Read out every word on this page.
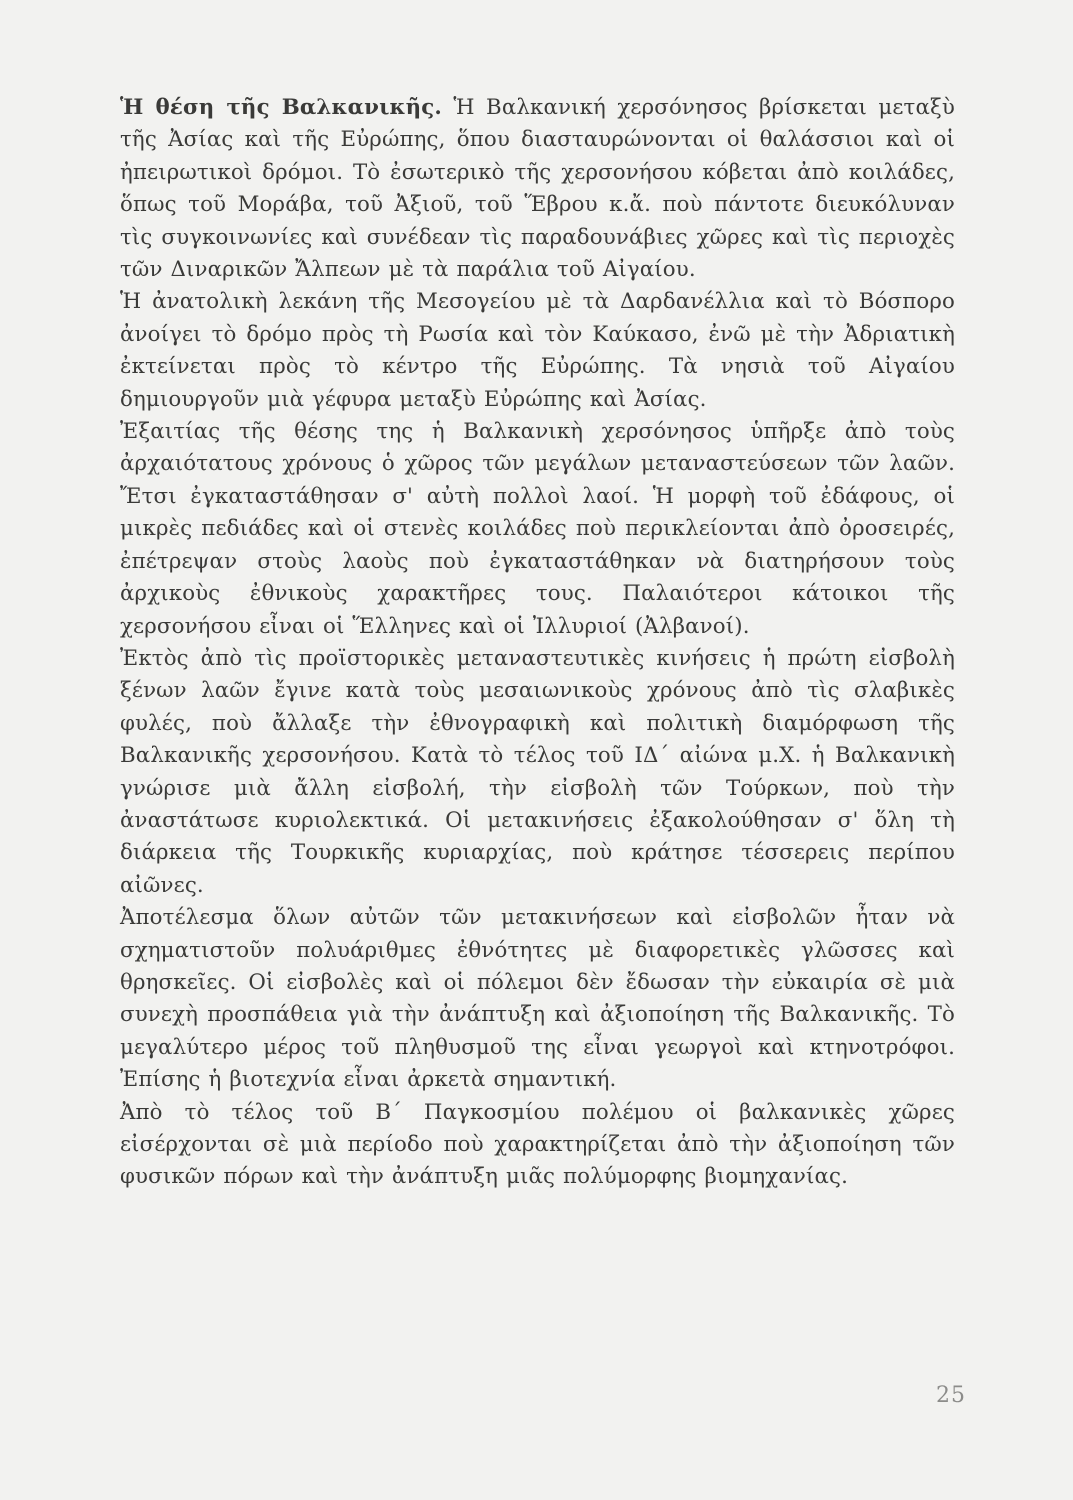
Ἡ θέση τῆς Βαλκανικῆς. Ἡ Βαλκανική χερσόνησος βρίσκεται μεταξὺ τῆς Ἀσίας καὶ τῆς Εὐρώπης, ὅπου διασταυρώνονται οἱ θαλάσσιοι καὶ οἱ ἠπειρωτικοὶ δρόμοι. Τὸ ἐσωτερικὸ τῆς χερσονήσου κόβεται ἀπὸ κοιλάδες, ὅπως τοῦ Μοράβα, τοῦ Ἀξιοῦ, τοῦ Ἕβρου κ.ἄ. ποὺ πάντοτε διευκόλυναν τὶς συγκοινωνίες καὶ συνέδεαν τὶς παραδουνάβιες χῶρες καὶ τὶς περιοχὲς τῶν Διναρικῶν Ἄλπεων μὲ τὰ παράλια τοῦ Αἰγαίου.

Ἡ ἀνατολικὴ λεκάνη τῆς Μεσογείου μὲ τὰ Δαρδανέλλια καὶ τὸ Βόσπορο ἀνοίγει τὸ δρόμο πρὸς τὴ Ρωσία καὶ τὸν Καύκασο, ἐνῶ μὲ τὴν Ἀδριατικὴ ἐκτείνεται πρὸς τὸ κέντρο τῆς Εὐρώπης. Τὰ νησιὰ τοῦ Αἰγαίου δημιουργοῦν μιὰ γέφυρα μεταξὺ Εὐρώπης καὶ Ἀσίας.

Ἐξαιτίας τῆς θέσης της ἡ Βαλκανικὴ χερσόνησος ὑπῆρξε ἀπὸ τοὺς ἀρχαιότατους χρόνους ὁ χῶρος τῶν μεγάλων μεταναστεύσεων τῶν λαῶν. Ἔτσι ἐγκαταστάθησαν σ' αὐτὴ πολλοὶ λαοί. Ἡ μορφὴ τοῦ ἐδάφους, οἱ μικρὲς πεδιάδες καὶ οἱ στενὲς κοιλάδες ποὺ περικλείονται ἀπὸ ὀροσειρές, ἐπέτρεψαν στοὺς λαοὺς ποὺ ἐγκαταστάθηκαν νὰ διατηρήσουν τοὺς ἀρχικοὺς ἐθνικοὺς χαρακτῆρες τους. Παλαιότεροι κάτοικοι τῆς χερσονήσου εἶναι οἱ Ἕλληνες καὶ οἱ Ἰλλυριοί (Ἀλβανοί).

Ἐκτὸς ἀπὸ τὶς προϊστορικὲς μεταναστευτικὲς κινήσεις ἡ πρώτη εἰσβολὴ ξένων λαῶν ἔγινε κατὰ τοὺς μεσαιωνικοὺς χρόνους ἀπὸ τὶς σλαβικὲς φυλές, ποὺ ἄλλαξε τὴν ἐθνογραφικὴ καὶ πολιτικὴ διαμόρφωση τῆς Βαλκανικῆς χερσονήσου. Κατὰ τὸ τέλος τοῦ ΙΔ΄ αἰώνα μ.Χ. ἡ Βαλκανικὴ γνώρισε μιὰ ἄλλη εἰσβολή, τὴν εἰσβολὴ τῶν Τούρκων, ποὺ τὴν ἀναστάτωσε κυριολεκτικά. Οἱ μετακινήσεις ἐξακολούθησαν σ' ὅλη τὴ διάρκεια τῆς Τουρκικῆς κυριαρχίας, ποὺ κράτησε τέσσερεις περίπου αἰῶνες.

Ἀποτέλεσμα ὅλων αὐτῶν τῶν μετακινήσεων καὶ εἰσβολῶν ἦταν νὰ σχηματιστοῦν πολυάριθμες ἐθνότητες μὲ διαφορετικὲς γλῶσσες καὶ θρησκεῖες. Οἱ εἰσβολὲς καὶ οἱ πόλεμοι δὲν ἔδωσαν τὴν εὐκαιρία σὲ μιὰ συνεχὴ προσπάθεια γιὰ τὴν ἀνάπτυξη καὶ ἀξιοποίηση τῆς Βαλκανικῆς. Τὸ μεγαλύτερο μέρος τοῦ πληθυσμοῦ της εἶναι γεωργοὶ καὶ κτηνοτρόφοι. Ἐπίσης ἡ βιοτεχνία εἶναι ἀρκετὰ σημαντική.

Ἀπὸ τὸ τέλος τοῦ Β΄ Παγκοσμίου πολέμου οἱ βαλκανικὲς χῶρες εἰσέρχονται σὲ μιὰ περίοδο ποὺ χαρακτηρίζεται ἀπὸ τὴν ἀξιοποίηση τῶν φυσικῶν πόρων καὶ τὴν ἀνάπτυξη μιᾶς πολύμορφης βιομηχανίας.

25
